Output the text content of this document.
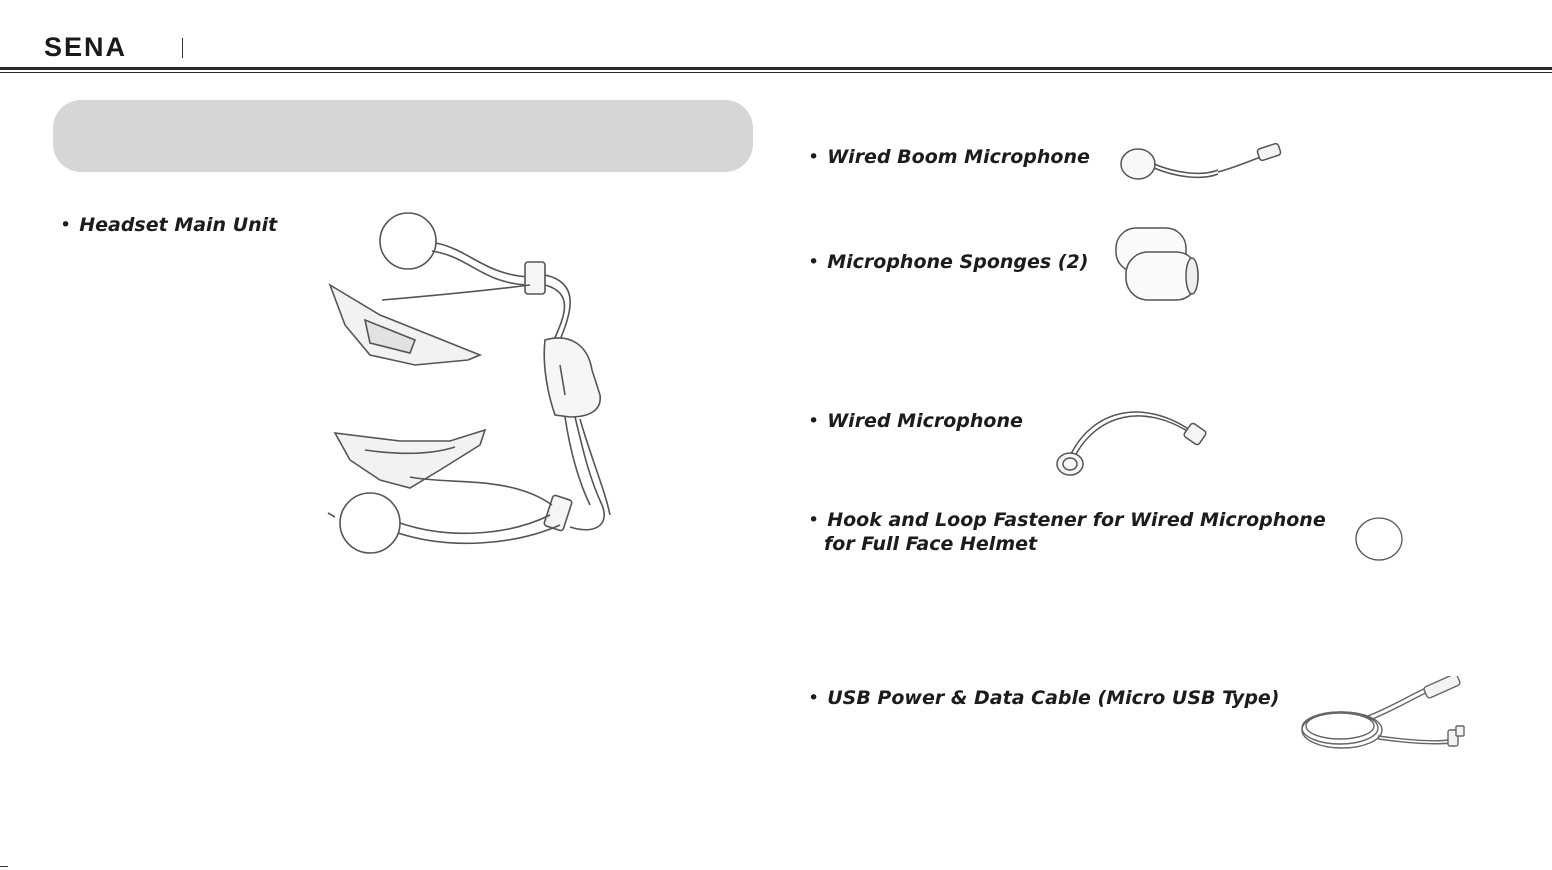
SENA
• Headset Main Unit
• Wired Boom Microphone
• Microphone Sponges (2)
• Wired Microphone
• Hook and Loop Fastener for Wired Microphone
for Full Face Helmet
• USB Power & Data Cable (Micro USB Type)
